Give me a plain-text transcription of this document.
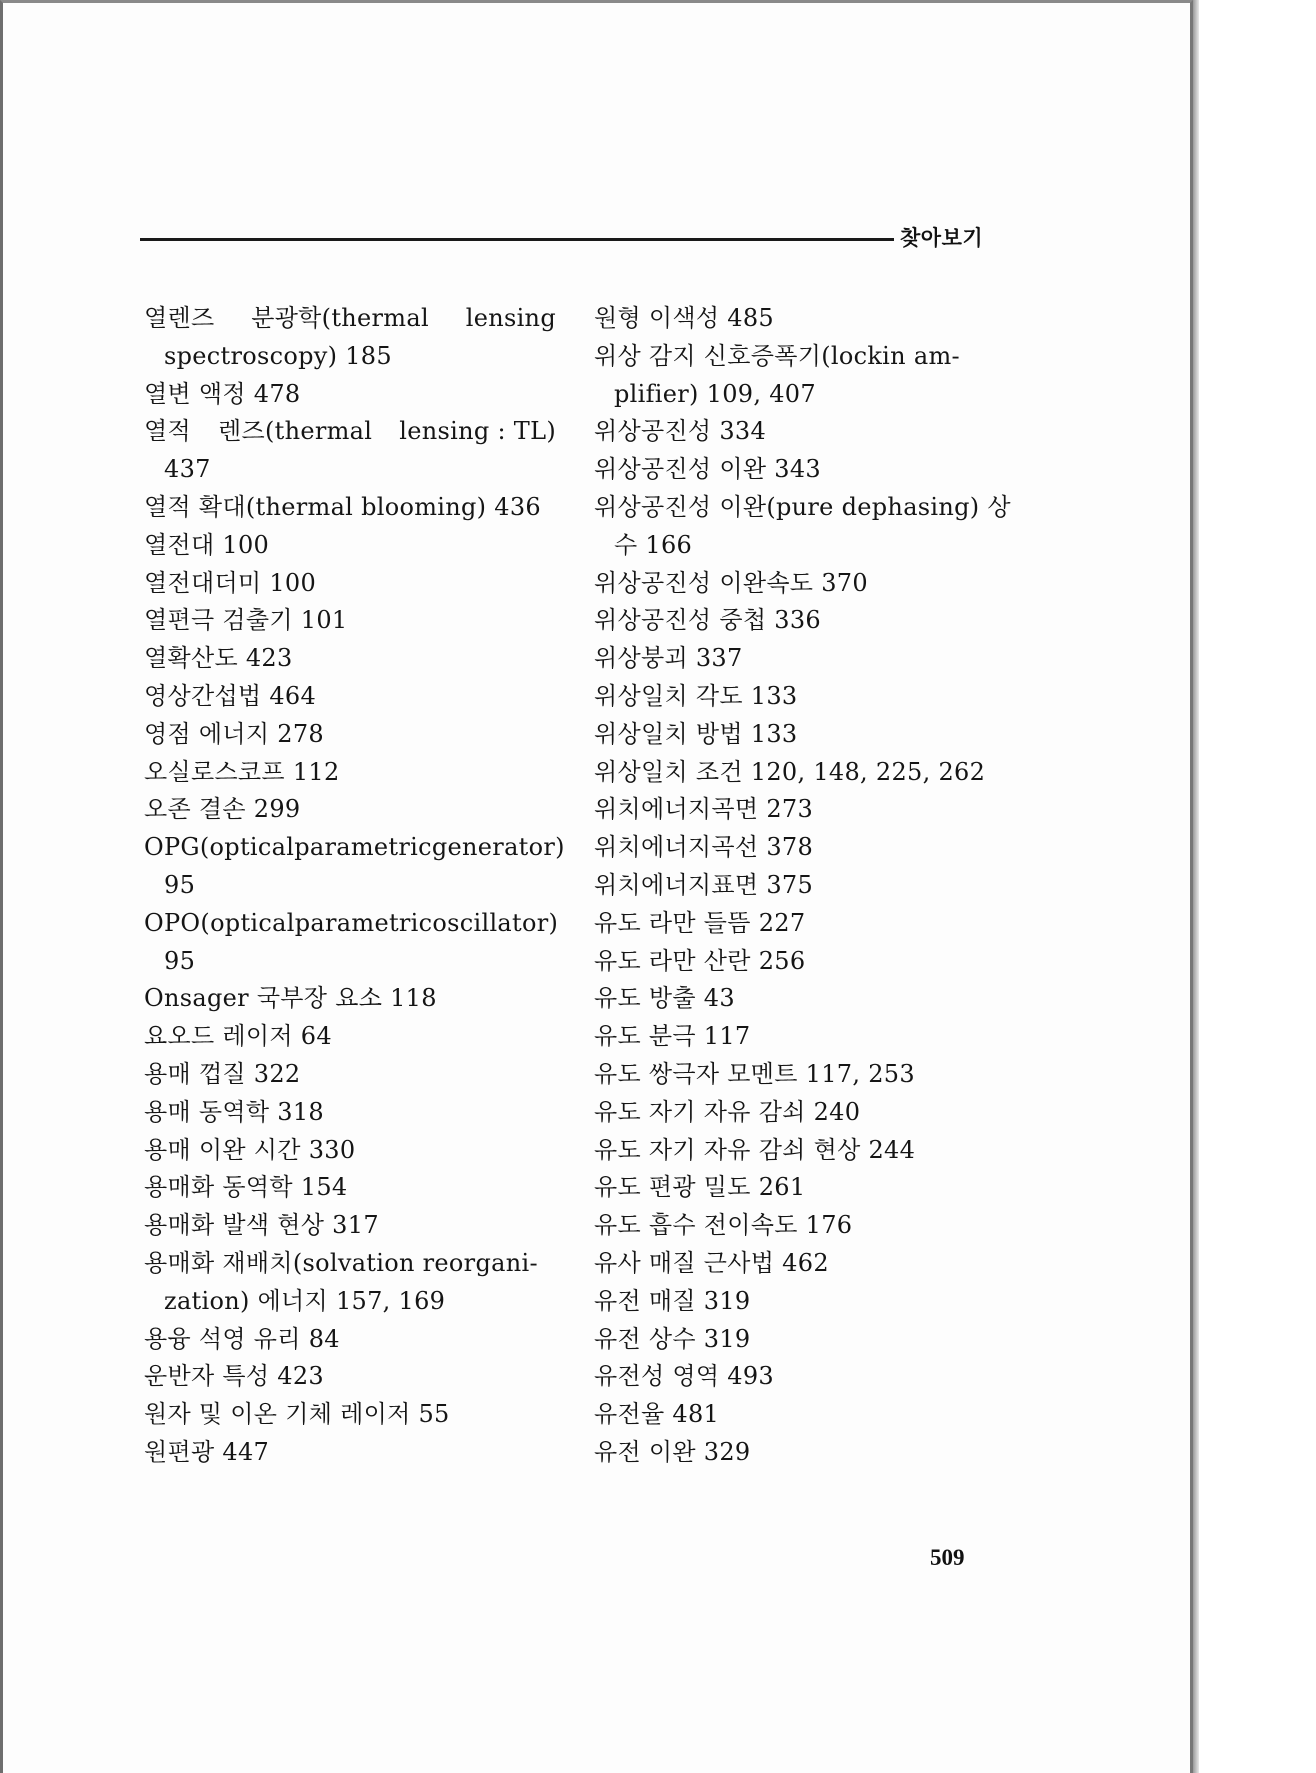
찾아보기
열렌즈 분광학(thermal lensing
spectroscopy) 185
열변 액정 478
열적 렌즈(thermal lensing : TL)
437
열적 확대(thermal blooming) 436
열전대 100
열전대더미 100
열편극 검출기 101
열확산도 423
영상간섭법 464
영점 에너지 278
오실로스코프 112
오존 결손 299
OPG(optical parametric generator)
95
OPO(optical parametric oscillator)
95
Onsager 국부장 요소 118
요오드 레이저 64
용매 껍질 322
용매 동역학 318
용매 이완 시간 330
용매화 동역학 154
용매화 발색 현상 317
용매화 재배치(solvation reorgani-
zation) 에너지 157, 169
용융 석영 유리 84
운반자 특성 423
원자 및 이온 기체 레이저 55
원편광 447
원형 이색성 485
위상 감지 신호증폭기(lockin am-
plifier) 109, 407
위상공진성 334
위상공진성 이완 343
위상공진성 이완(pure dephasing) 상
수 166
위상공진성 이완속도 370
위상공진성 중첩 336
위상붕괴 337
위상일치 각도 133
위상일치 방법 133
위상일치 조건 120, 148, 225, 262
위치에너지곡면 273
위치에너지곡선 378
위치에너지표면 375
유도 라만 들뜸 227
유도 라만 산란 256
유도 방출 43
유도 분극 117
유도 쌍극자 모멘트 117, 253
유도 자기 자유 감쇠 240
유도 자기 자유 감쇠 현상 244
유도 편광 밀도 261
유도 흡수 전이속도 176
유사 매질 근사법 462
유전 매질 319
유전 상수 319
유전성 영역 493
유전율 481
유전 이완 329
509
